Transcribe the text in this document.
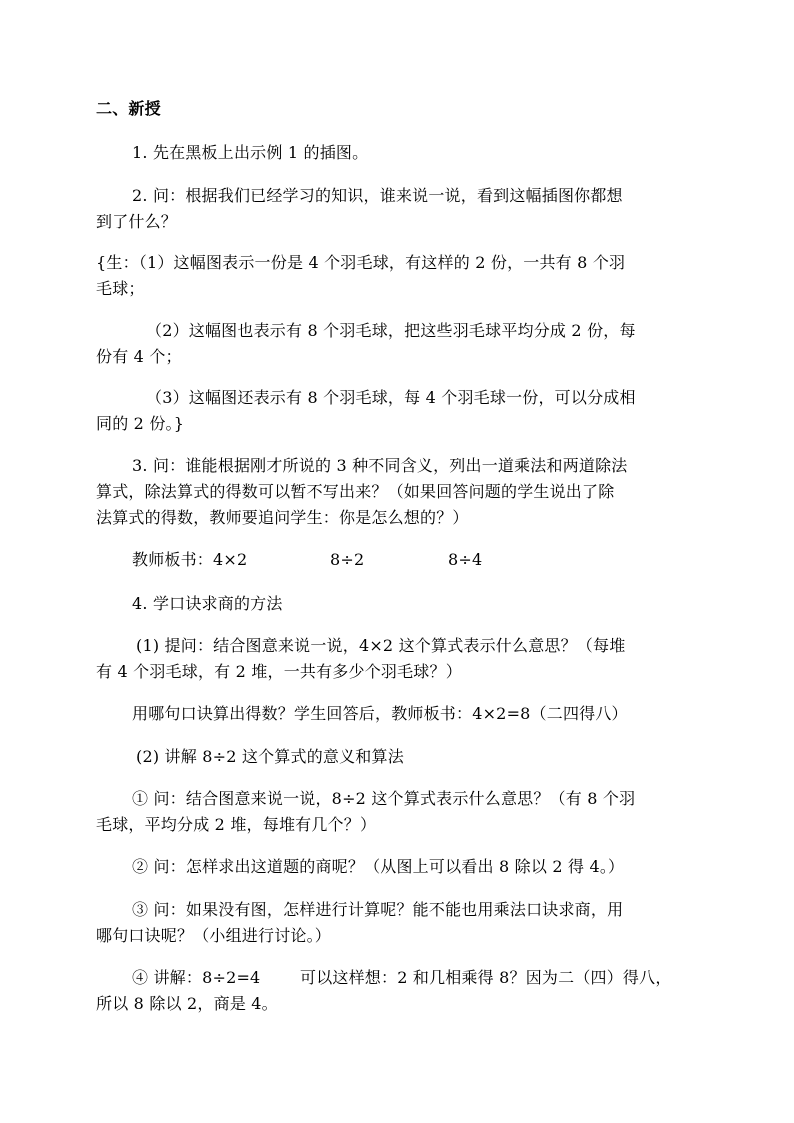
二、新授
1. 先在黑板上出示例 1 的插图。
2. 问：根据我们已经学习的知识，谁来说一说，看到这幅插图你都想
到了什么？
{生：（1）这幅图表示一份是 4 个羽毛球，有这样的 2 份，一共有 8 个羽
毛球；
（2）这幅图也表示有 8 个羽毛球，把这些羽毛球平均分成 2 份，每
份有 4 个；
（3）这幅图还表示有 8 个羽毛球，每 4 个羽毛球一份，可以分成相
同的 2 份。}
3. 问：谁能根据刚才所说的 3 种不同含义，列出一道乘法和两道除法
算式，除法算式的得数可以暂不写出来？（如果回答问题的学生说出了除
法算式的得数，教师要追问学生：你是怎么想的？）
教师板书：4×2	8÷2	8÷4
4. 学口诀求商的方法
(1) 提问：结合图意来说一说，4×2 这个算式表示什么意思？（每堆
有 4 个羽毛球，有 2 堆，一共有多少个羽毛球？）
用哪句口诀算出得数？学生回答后，教师板书：4×2=8（二四得八）
(2) 讲解 8÷2 这个算式的意义和算法
① 问：结合图意来说一说，8÷2 这个算式表示什么意思？（有 8 个羽
毛球，平均分成 2 堆，每堆有几个？）
② 问：怎样求出这道题的商呢？（从图上可以看出 8 除以 2 得 4。）
③ 问：如果没有图，怎样进行计算呢？能不能也用乘法口诀求商，用
哪句口诀呢？（小组进行讨论。）
④ 讲解：8÷2=4 可以这样想：2 和几相乘得 8？因为二（四）得八，
所以 8 除以 2，商是 4。
